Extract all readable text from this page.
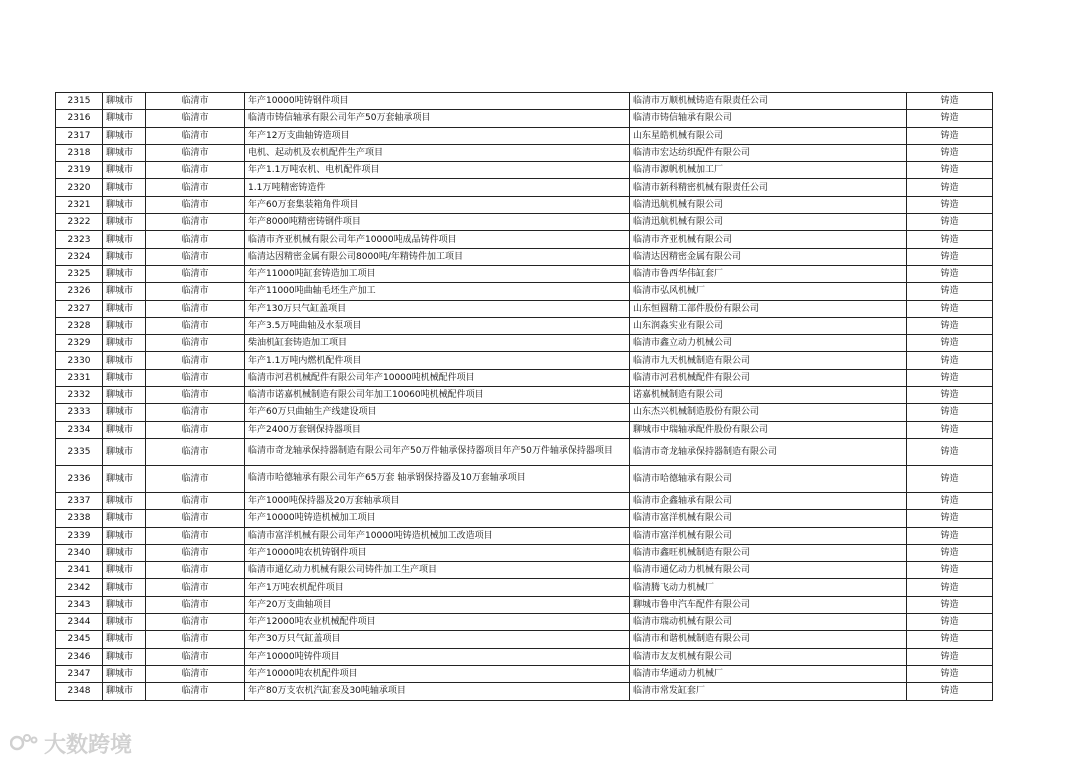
2315	聊城市	临清市	年产10000吨铸钢件项目	临清市万顺机械铸造有限责任公司	铸造
2316	聊城市	临清市	临清市铸信轴承有限公司年产50万套轴承项目	临清市铸信轴承有限公司	铸造
2317	聊城市	临清市	年产12万支曲轴铸造项目	山东星皓机械有限公司	铸造
2318	聊城市	临清市	电机、起动机及农机配件生产项目	临清市宏达纺织配件有限公司	铸造
2319	聊城市	临清市	年产1.1万吨农机、电机配件项目	临清市源帆机械加工厂	铸造
2320	聊城市	临清市	1.1万吨精密铸造件	临清市新科精密机械有限责任公司	铸造
2321	聊城市	临清市	年产60万套集装箱角件项目	临清迅航机械有限公司	铸造
2322	聊城市	临清市	年产8000吨精密铸钢件项目	临清迅航机械有限公司	铸造
2323	聊城市	临清市	临清市齐亚机械有限公司年产10000吨成品铸件项目	临清市齐亚机械有限公司	铸造
2324	聊城市	临清市	临清达因精密金属有限公司8000吨/年精铸件加工项目	临清达因精密金属有限公司	铸造
2325	聊城市	临清市	年产11000吨缸套铸造加工项目	临清市鲁西华伟缸套厂	铸造
2326	聊城市	临清市	年产11000吨曲轴毛坯生产加工	临清市弘风机械厂	铸造
2327	聊城市	临清市	年产130万只气缸盖项目	山东恒圆精工部件股份有限公司	铸造
2328	聊城市	临清市	年产3.5万吨曲轴及水泵项目	山东润淼实业有限公司	铸造
2329	聊城市	临清市	柴油机缸套铸造加工项目	临清市鑫立动力机械公司	铸造
2330	聊城市	临清市	年产1.1万吨内燃机配件项目	临清市九天机械制造有限公司	铸造
2331	聊城市	临清市	临清市河君机械配件有限公司年产10000吨机械配件项目	临清市河君机械配件有限公司	铸造
2332	聊城市	临清市	临清市诺嘉机械制造有限公司年加工10060吨机械配件项目	诺嘉机械制造有限公司	铸造
2333	聊城市	临清市	年产60万只曲轴生产线建设项目	山东杰兴机械制造股份有限公司	铸造
2334	聊城市	临清市	年产2400万套钢保持器项目	聊城市中瑞轴承配件股份有限公司	铸造
2335	聊城市	临清市	临清市奇龙轴承保持器制造有限公司年产50万件轴承保持器项目年产50万件轴承保持器项目	临清市奇龙轴承保持器制造有限公司	铸造
2336	聊城市	临清市	临清市哈德轴承有限公司年产65万套 轴承钢保持器及10万套轴承项目	临清市哈德轴承有限公司	铸造
2337	聊城市	临清市	年产1000吨保持器及20万套轴承项目	临清市企鑫轴承有限公司	铸造
2338	聊城市	临清市	年产10000吨铸造机械加工项目	临清市富洋机械有限公司	铸造
2339	聊城市	临清市	临清市富洋机械有限公司年产10000吨铸造机械加工改造项目	临清市富洋机械有限公司	铸造
2340	聊城市	临清市	年产10000吨农机铸钢件项目	临清市鑫旺机械制造有限公司	铸造
2341	聊城市	临清市	临清市通亿动力机械有限公司铸件加工生产项目	临清市通亿动力机械有限公司	铸造
2342	聊城市	临清市	年产1万吨农机配件项目	临清腾飞动力机械厂	铸造
2343	聊城市	临清市	年产20万支曲轴项目	聊城市鲁申汽车配件有限公司	铸造
2344	聊城市	临清市	年产12000吨农业机械配件项目	临清市瑞动机械有限公司	铸造
2345	聊城市	临清市	年产30万只气缸盖项目	临清市和谐机械制造有限公司	铸造
2346	聊城市	临清市	年产10000吨铸件项目	临清市友友机械有限公司	铸造
2347	聊城市	临清市	年产10000吨农机配件项目	临清市华通动力机械厂	铸造
2348	聊城市	临清市	年产80万支农机汽缸套及30吨轴承项目	临清市常发缸套厂	铸造
大数跨境
